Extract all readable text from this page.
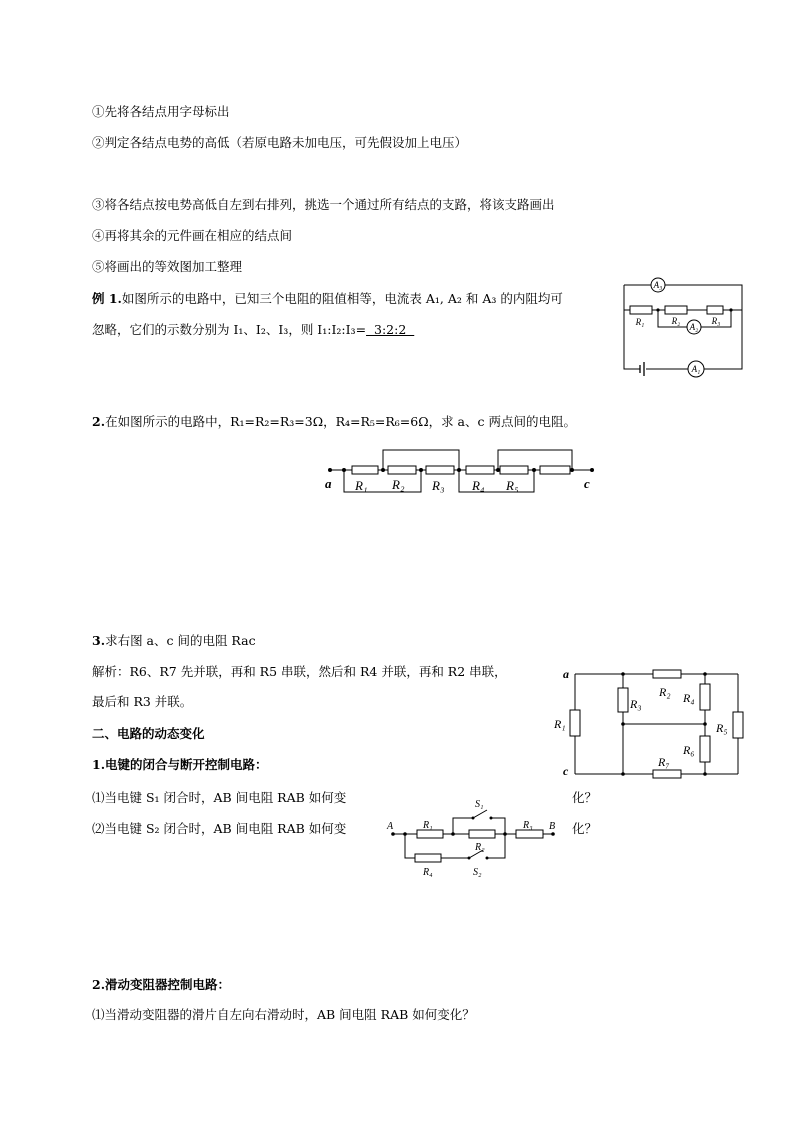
①先将各结点用字母标出
②判定各结点电势的高低（若原电路未加电压，可先假设加上电压）
③将各结点按电势高低自左到右排列，挑选一个通过所有结点的支路，将该支路画出
④再将其余的元件画在相应的结点间
⑤将画出的等效图加工整理
例 1.如图所示的电路中，已知三个电阻的阻值相等，电流表 A₁, A₂ 和 A₃ 的内阻均可
忽略，它们的示数分别为 I₁、I₂、I₃，则 I₁:I₂:I₃=  3:2:2
A₃
R₁	R₂
A₂
R₃
A₁
2.在如图所示的电路中，R₁=R₂=R₃=3Ω，R₄=R₅=R₆=6Ω，求 a、c 两点间的电阻。
a	c
R₁ R₂ R₃ R₄ R₅
3.求右图 a、c 间的电阻 Rac
解析：R6、R7 先并联，再和 R5 串联，然后和 R4 并联，再和 R2 串联，
最后和 R3 并联。
a
c
R₁
R₂
R₃	R₄
R₅
R₆
R₇
二、电路的动态变化
1.电键的闭合与断开控制电路：
⑴当电键 S₁ 闭合时，AB 间电阻 RAB 如何变	化？
⑵当电键 S₂ 闭合时，AB 间电阻 RAB 如何变	化？
A	B
R₁
R₂
R₃
R₄
S₁
S₂
2.滑动变阻器控制电路：
⑴当滑动变阻器的滑片自左向右滑动时，AB 间电阻 RAB 如何变化？
